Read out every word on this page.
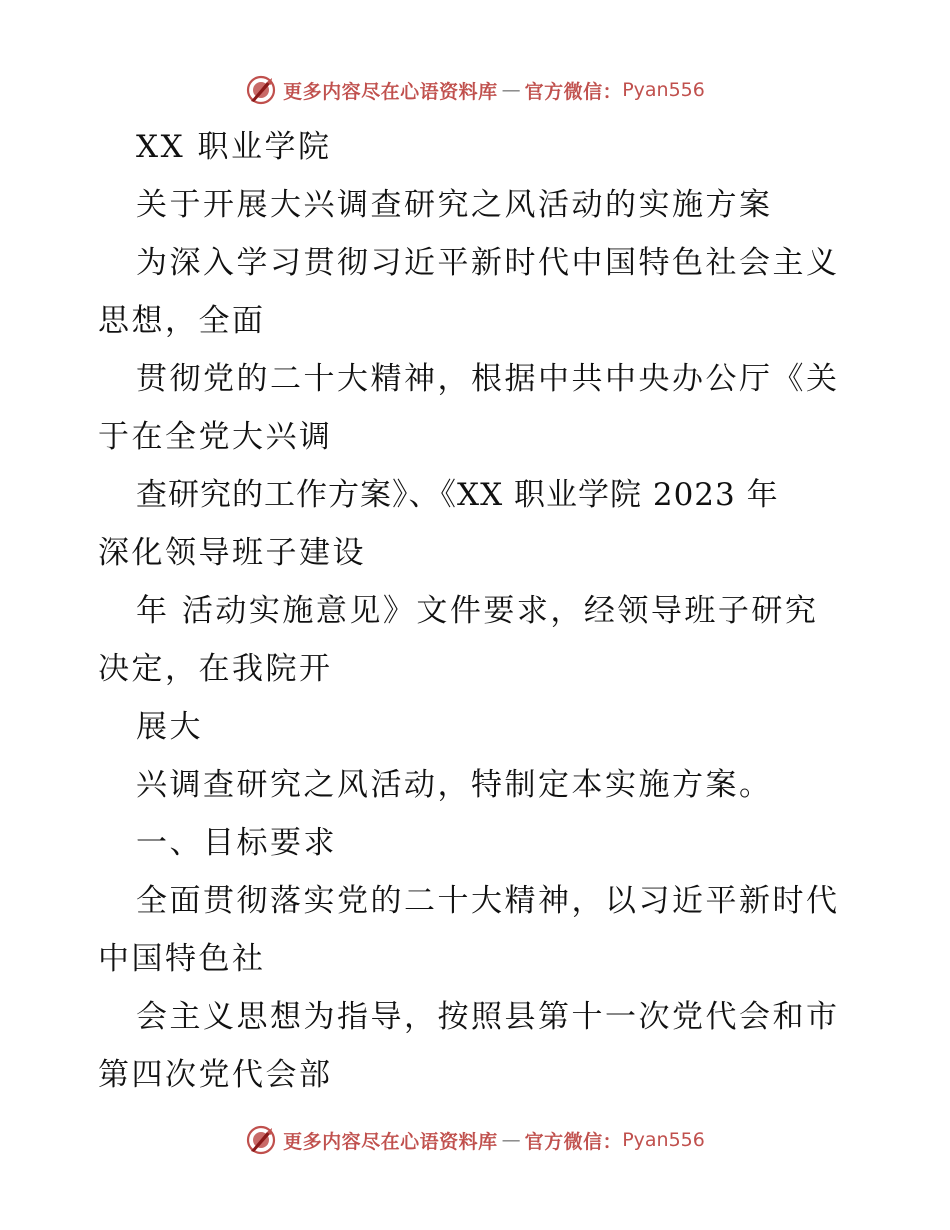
更多内容尽在心语资料库 — 官方微信： Pyan556
XX 职业学院
关于开展大兴调查研究之风活动的实施方案
为深入学习贯彻习近平新时代中国特色社会主义
思想，全面
贯彻党的二十大精神，根据中共中央办公厅《关
于在全党大兴调
查研究的工作方案》、《XX 职业学院 2023 年
深化领导班子建设
年 活动实施意见》文件要求，经领导班子研究
决定，在我院开
展大
兴调查研究之风活动，特制定本实施方案。
一、目标要求
全面贯彻落实党的二十大精神，以习近平新时代
中国特色社
会主义思想为指导，按照县第十一次党代会和市
第四次党代会部
更多内容尽在心语资料库 — 官方微信： Pyan556
